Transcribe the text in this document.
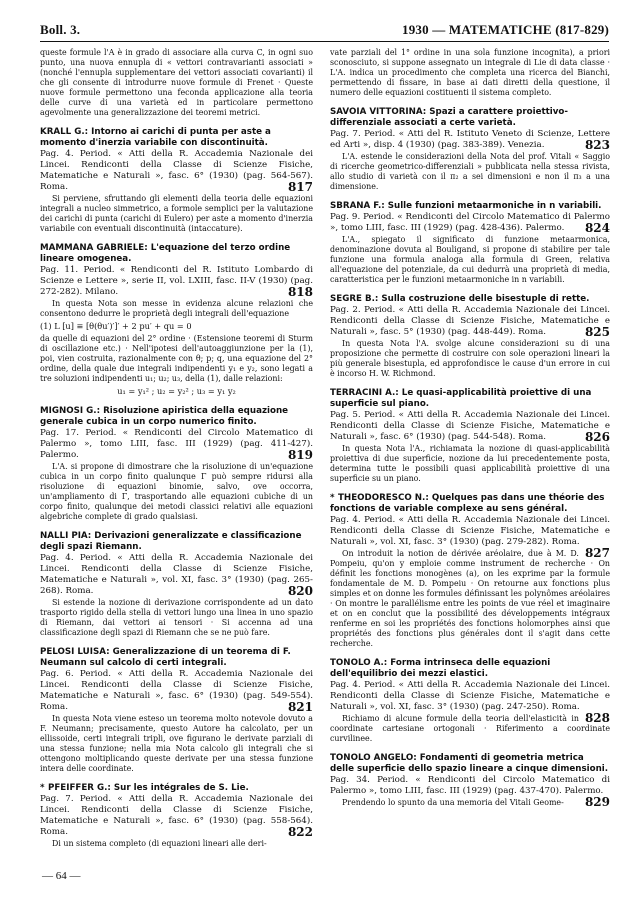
Boll. 3.	1930 — MATEMATICHE (817-829)

queste formule l'A è in grado di associare alla curva C, in ogni suo punto, una nuova ennupla di « vettori contravarianti associati » (nonché l'ennupla supplementare dei vettori associati covarianti) il che gli consente di introdurre nuove formule di Frenet · Queste nuove formule permettono una feconda applicazione alla teoria delle curve di una varietà ed in particolare permettono agevolmente una generalizzazione dei teoremi metrici.

KRALL G.: Intorno ai carichi di punta per aste a momento d'inerzia variabile con discontinuità.

Pag. 4. Period. « Atti della R. Accademia Nazionale dei Lincei. Rendiconti della Classe di Scienze Fisiche, Matematiche e Naturali », fasc. 6° (1930) (pag. 564-567). Roma.	817

Si perviene, sfruttando gli elementi della teoria delle equazioni integrali a nucleo simmetrico, a formole semplici per la valutazione dei carichi di punta (carichi di Eulero) per aste a momento d'inerzia variabile con eventuali discontinuità (intaccature).

MAMMANA GABRIELE: L'equazione del terzo ordine lineare omogenea.

Pag. 11. Period. « Rendiconti del R. Istituto Lombardo di Scienze e Lettere », serie II, vol. LXIII, fasc. II-V (1930) (pag. 272-282). Milano.	818

In questa Nota son messe in evidenza alcune relazioni che consentono dedurre le proprietà degli integrali dell'equazione

(1) L [u] ≡ [θ(θu′)′]′ + 2 pu′ + qu = 0

da quelle di equazioni del 2° ordine · (Estensione teoremi di Sturm di oscillazione etc.) · Nell'ipotesi dell'autoaggiunzione per la (1), poi, vien costruita, razionalmente con θ; p; q, una equazione del 2° ordine, della quale due integrali indipendenti y₁ e y₂, sono legati a tre soluzioni indipendenti u₁; u₂; u₃, della (1), dalle relazioni:

u₁ = y₁² ; u₂ = y₂² ; u₃ = y₁ y₂

MIGNOSI G.: Risoluzione apiristica della equazione generale cubica in un corpo numerico finito.

Pag. 17. Period. « Rendiconti del Circolo Matematico di Palermo », tomo LIII, fasc. III (1929) (pag. 411-427). Palermo.	819

L'A. si propone di dimostrare che la risoluzione di un'equazione cubica in un corpo finito qualunque Γ può sempre ridursi alla risoluzione di equazioni binomie, salvo, ove occorra, un'ampliamento di Γ, trasportando alle equazioni cubiche di un corpo finito, qualunque dei metodi classici relativi alle equazioni algebriche complete di grado qualsiasi.

NALLI PIA: Derivazioni generalizzate e classificazione degli spazi Riemann.

Pag. 4. Period. « Atti della R. Accademia Nazionale dei Lincei. Rendiconti della Classe di Scienze Fisiche, Matematiche e Naturali », vol. XI, fasc. 3° (1930) (pag. 265-268). Roma.	820

Si estende la nozione di derivazione corrispondente ad un dato trasporto rigido della stella di vettori lungo una linea in uno spazio di Riemann, dai vettori ai tensori · Si accenna ad una classificazione degli spazi di Riemann che se ne può fare.

PELOSI LUISA: Generalizzazione di un teorema di F. Neumann sul calcolo di certi integrali.

Pag. 6. Period. « Atti della R. Accademia Nazionale dei Lincei. Rendiconti della Classe di Scienze Fisiche, Matematiche e Naturali », fasc. 6° (1930) (pag. 549-554). Roma.	821

In questa Nota viene esteso un teorema molto notevole dovuto a F. Neumann; precisamente, questo Autore ha calcolato, per un ellissoide, certi integrali tripli, ove figurano le derivate parziali di una stessa funzione; nella mia Nota calcolo gli integrali che si ottengono moltiplicando queste derivate per una stessa funzione intera delle coordinate.

* PFEIFFER G.: Sur les intégrales de S. Lie.

Pag. 7. Period. « Atti della R. Accademia Nazionale dei Lincei. Rendiconti della Classe di Scienze Fisiche, Matematiche e Naturali », fasc. 6° (1930) (pag. 558-564). Roma.	822

Di un sistema completo (di equazioni lineari alle deri-

vate parziali del 1° ordine in una sola funzione incognita), a priori sconosciuto, si suppone assegnato un integrale di Lie di data classe · L'A. indica un procedimento che completa una ricerca del Bianchi, permettendo di fissare, in base ai dati diretti della questione, il numero delle equazioni costituenti il sistema completo.

SAVOIA VITTORINA: Spazi a carattere proiettivo-differenziale associati a certe varietà.

Pag. 7. Period. « Atti del R. Istituto Veneto di Scienze, Lettere ed Arti », disp. 4 (1930) (pag. 383-389). Venezia.	823

L'A. estende le considerazioni della Nota del prof. Vitali « Saggio di ricerche geometrico-differenziali » pubblicata nella stessa rivista, allo studio di varietà con il π₂ a sei dimensioni e non il π₃ a una dimensione.

SBRANA F.: Sulle funzioni metaarmoniche in n variabili.

Pag. 9. Period. « Rendiconti del Circolo Matematico di Palermo », tomo LIII, fasc. III (1929) (pag. 428-436). Palermo. 824

L'A., spiegato il significato di funzione metaarmonica, denominazione dovuta al Bouligand, si propone di stabilire per tale funzione una formula analoga alla formula di Green, relativa all'equazione del potenziale, da cui dedurrà una proprietà di media, caratteristica per le funzioni metaarmoniche in n variabili.

SEGRE B.: Sulla costruzione delle bisestuple di rette.

Pag. 2. Period. « Atti della R. Accademia Nazionale dei Lincei. Rendiconti della Classe di Scienze Fisiche, Matematiche e Naturali », fasc. 5° (1930) (pag. 448-449). Roma.	825

In questa Nota l'A. svolge alcune considerazioni su di una proposizione che permette di costruire con sole operazioni lineari la più generale bisestupla, ed approfondisce le cause d'un errore in cui è incorso H. W. Richmond.

TERRACINI A.: Le quasi-applicabilità proiettive di una superficie sul piano.

Pag. 5. Period. « Atti della R. Accademia Nazionale dei Lincei. Rendiconti della Classe di Scienze Fisiche, Matematiche e Naturali », fasc. 6° (1930) (pag. 544-548). Roma.	826

In questa Nota l'A., richiamata la nozione di quasi-applicabilità proiettiva di due superficie, nozione da lui precedentemente posta, determina tutte le possibili quasi applicabilità proiettive di una superficie su un piano.

* THEODORESCO N.: Quelques pas dans une théorie des fonctions de variable complexe au sens général.

Pag. 4. Period. « Atti della R. Accademia Nazionale dei Lincei. Rendiconti della Classe di Scienze Fisiche, Matematiche e Naturali », vol. XI, fasc. 3° (1930) (pag. 279-282). Roma.
827

On introduit la notion de dérivée aréolaire, due à M. D. Pompeiu, qu'on y emploie comme instrument de recherche · On définit les fonctions monogènes (a), on les exprime par la formule fondamentale de M. D. Pompeiu · On retourne aux fonctions plus simples et on donne les formules définissant les polynômes aréolaires · On montre le parallélisme entre les points de vue réel et imaginaire et on en conclut que la possibilité des développements intégraux renferme en soi les propriétés des fonctions holomorphes ainsi que propriétés des fonctions plus générales dont il s'agit dans cette recherche.

TONOLO A.: Forma intrinseca delle equazioni dell'equilibrio dei mezzi elastici.

Pag. 4. Period. « Atti della R. Accademia Nazionale dei Lincei. Rendiconti della Classe di Scienze Fisiche, Matematiche e Naturali », vol. XI, fasc. 3° (1930) (pag. 247-250). Roma.
828

Richiamo di alcune formule della teoria dell'elasticità in coordinate cartesiane ortogonali · Riferimento a coordinate curvilinee.

TONOLO ANGELO: Fondamenti di geometria metrica delle superficie dello spazio lineare a cinque dimensioni.

Pag. 34. Period. « Rendiconti del Circolo Matematico di Palermo », tomo LIII, fasc. III (1929) (pag. 437-470). Palermo.
829

Prendendo lo spunto da una memoria del Vitali Geome-

— 64 —
